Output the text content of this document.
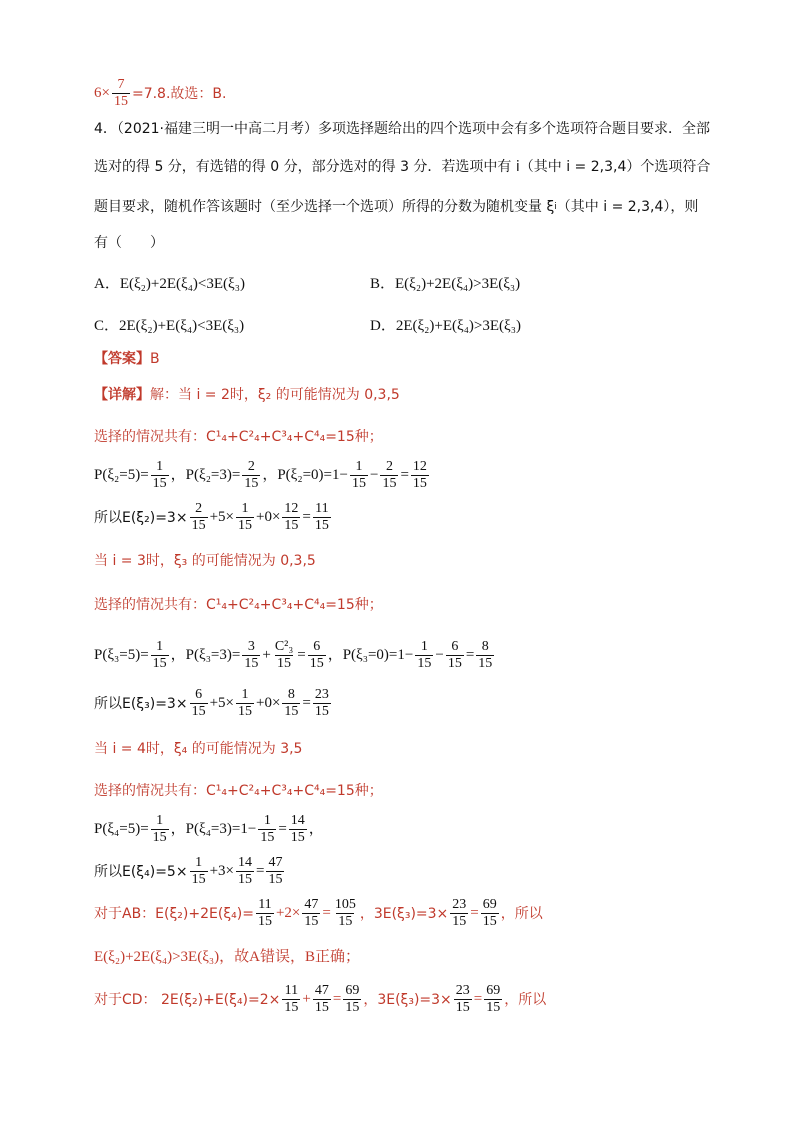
$6\times \frac{7}{15} =7.8$.故选：B.
4．（2021·福建三明一中高二月考）多项选择题给出的四个选项中会有多个选项符合题目要求．全部
选对的得 5 分，有选错的得 0 分，部分选对的得 3 分．若选项中有 i（其中 i = 2,3,4）个选项符合
题目要求，随机作答该题时（至少选择一个选项）所得的分数为随机变量 ξ i （其中 i = 2,3,4），则
有（　　）
A．E(ξ₂)+2E(ξ₄)<3E(ξ₃)	B．E(ξ₂)+2E(ξ₄)>3E(ξ₃)
C．2E(ξ₂)+E(ξ₄)<3E(ξ₃)	D．2E(ξ₂)+E(ξ₄)>3E(ξ₃)
【答案】 B
【详解】 解：当 i = 2时，ξ₂ 的可能情况为 0,3,5
选择的情况共有：C¹₄+C²₄+C³₄+C⁴₄=15种；
$P(\xi_2=5)= \frac{1}{15}$ ，$P(\xi_2=3)= \frac{2}{15}$ ，$P(\xi_2=0)=1- \frac{1}{15} - \frac{2}{15} = \frac{12}{15}$
所以$E(\xi_2)=3\times \frac{2}{15} +5\times \frac{1}{15} +0\times \frac{12}{15} = \frac{11}{15}$
当 i = 3时，ξ₃ 的可能情况为 0,3,5
选择的情况共有：C¹₄+C²₄+C³₄+C⁴₄=15种；
$P(\xi_3=5)= \frac{1}{15}$ ，$P(\xi_3=3)= \frac{3}{15} + \frac{\text{C²₃}}{15} = \frac{6}{15}$ ，$P(\xi_3=0)=1- \frac{1}{15} - \frac{6}{15} = \frac{8}{15}$
所以$E(\xi_3)=3\times \frac{6}{15} +5\times \frac{1}{15} +0\times \frac{8}{15} = \frac{23}{15}$
当 i = 4时，ξ₄ 的可能情况为 3,5
选择的情况共有：C¹₄+C²₄+C³₄+C⁴₄=15种；
$P(\xi_4=5)= \frac{1}{15}$ ，$P(\xi_4=3)=1- \frac{1}{15} = \frac{14}{15}$ ，
所以$E(\xi_4)=5\times \frac{1}{15} +3\times \frac{14}{15} = \frac{47}{15}$
对于AB：$E(\xi_2)+2E(\xi_4)= \frac{11}{15} +2\times \frac{47}{15} = \frac{105}{15}$ ，$3E(\xi_3)=3\times \frac{23}{15} = \frac{69}{15}$ ，所以
E(ξ₂)+2E(ξ₄)>3E(ξ₃)，故A错误，B正确；
对于CD： $2E(\xi_2)+E(\xi_4)=2\times \frac{11}{15} + \frac{47}{15} = \frac{69}{15}$ ，$3E(\xi_3)=3\times \frac{23}{15} = \frac{69}{15}$ ，所以
